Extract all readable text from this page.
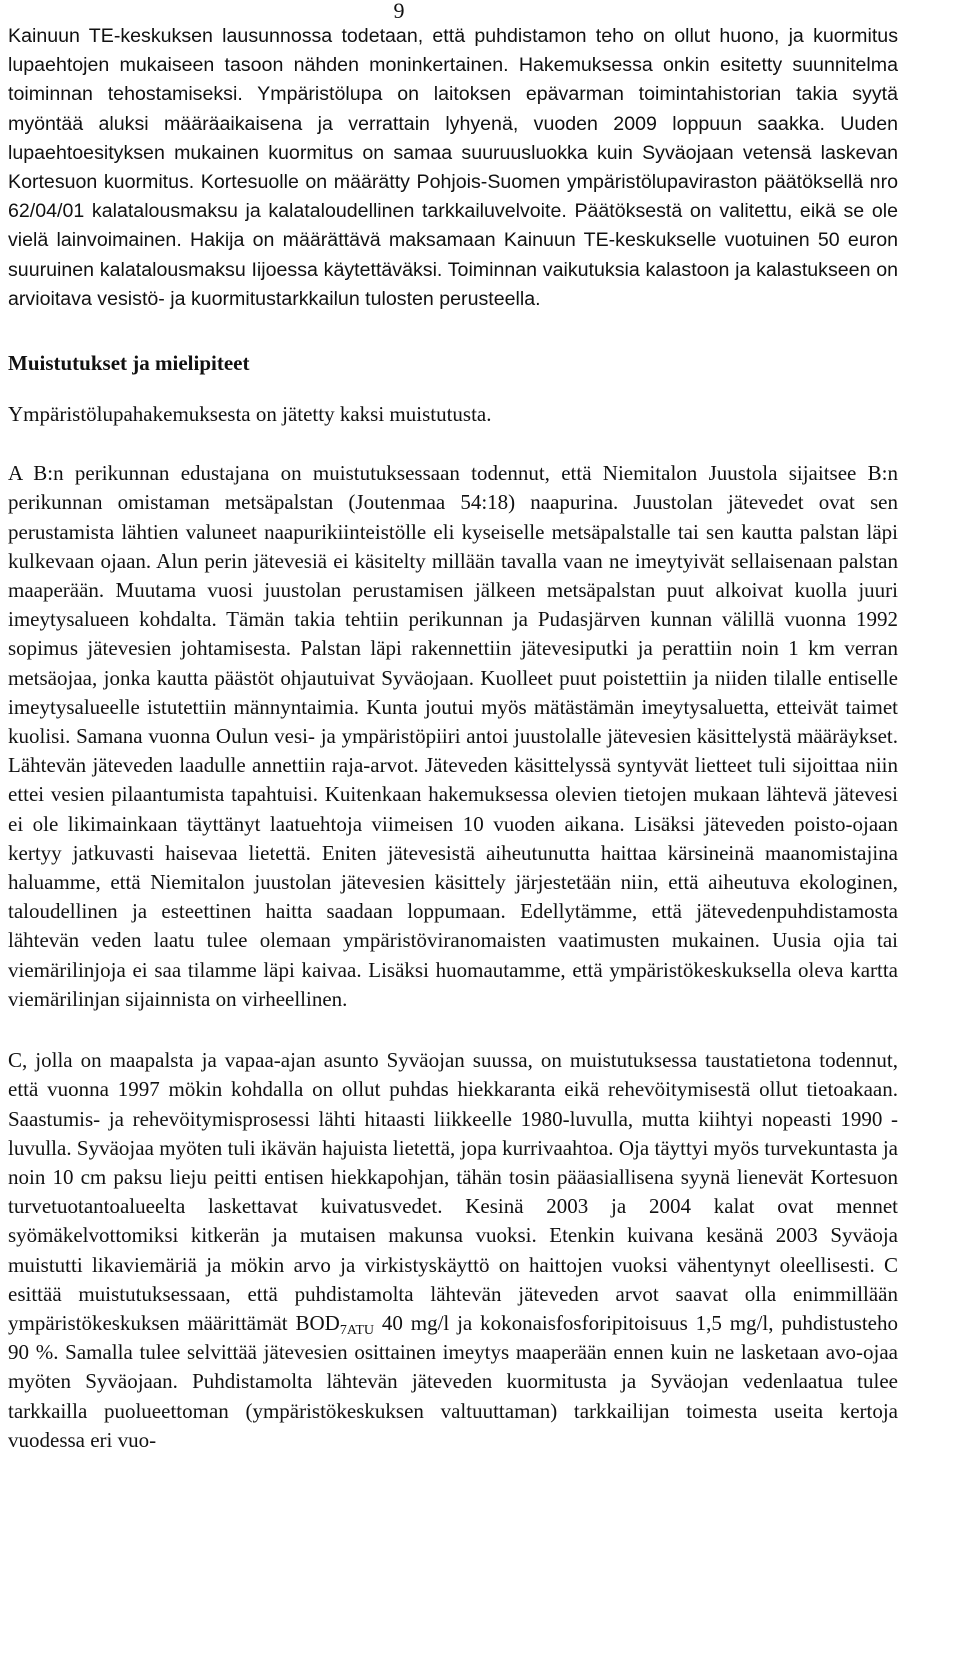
9

Kainuun TE-keskuksen lausunnossa todetaan, että puhdistamon teho on ollut huono, ja kuormitus lupaehtojen mukaiseen tasoon nähden moninkertainen. Hakemuksessa onkin esitetty suunnitelma toiminnan tehostamiseksi. Ympäristölupa on laitoksen epävarman toimintahistorian takia syytä myöntää aluksi määräaikaisena ja verrattain lyhyenä, vuoden 2009 loppuun saakka. Uuden lupaehtoesityksen mukainen kuormitus on samaa suuruusluokka kuin Syväojaan vetensä laskevan Kortesuon kuormitus. Kortesuolle on määrätty Pohjois-Suomen ympäristölupaviraston päätöksellä nro 62/04/01 kalatalousmaksu ja kalataloudellinen tarkkailuvelvoite. Päätöksestä on valitettu, eikä se ole vielä lainvoimainen. Hakija on määrättävä maksamaan Kainuun TE-keskukselle vuotuinen 50 euron suuruinen kalatalousmaksu Iijoessa käytettäväksi. Toiminnan vaikutuksia kalastoon ja kalastukseen on arvioitava vesistö- ja kuormitustarkkailun tulosten perusteella.

Muistutukset ja mielipiteet

Ympäristölupahakemuksesta on jätetty kaksi muistutusta.

A B:n perikunnan edustajana on muistutuksessaan todennut, että Niemitalon Juustola sijaitsee B:n perikunnan omistaman metsäpalstan (Joutenmaa 54:18) naapurina. Juustolan jätevedet ovat sen perustamista lähtien valuneet naapurikiinteistölle eli kyseiselle metsäpalstalle tai sen kautta palstan läpi kulkevaan ojaan. Alun perin jätevesiä ei käsitelty millään tavalla vaan ne imeytyivät sellaisenaan palstan maaperään. Muutama vuosi juustolan perustamisen jälkeen metsäpalstan puut alkoivat kuolla juuri imeytysalueen kohdalta. Tämän takia tehtiin perikunnan ja Pudasjärven kunnan välillä vuonna 1992 sopimus jätevesien johtamisesta. Palstan läpi rakennettiin jätevesiputki ja perattiin noin 1 km verran metsäojaa, jonka kautta päästöt ohjautuivat Syväojaan. Kuolleet puut poistettiin ja niiden tilalle entiselle imeytysalueelle istutettiin männyntaimia. Kunta joutui myös mätästämän imeytysaluetta, etteivät taimet kuolisi. Samana vuonna Oulun vesi- ja ympäristöpiiri antoi juustolalle jätevesien käsittelystä määräykset. Lähtevän jäteveden laadulle annettiin raja-arvot. Jäteveden käsittelyssä syntyvät lietteet tuli sijoittaa niin ettei vesien pilaantumista tapahtuisi. Kuitenkaan hakemuksessa olevien tietojen mukaan lähtevä jätevesi ei ole likimainkaan täyttänyt laatuehtoja viimeisen 10 vuoden aikana. Lisäksi jäteveden poisto-ojaan kertyy jatkuvasti haisevaa lietettä. Eniten jätevesistä aiheutunutta haittaa kärsineinä maanomistajina haluamme, että Niemitalon juustolan jätevesien käsittely järjestetään niin, että aiheutuva ekologinen, taloudellinen ja esteettinen haitta saadaan loppumaan. Edellytämme, että jätevedenpuhdistamosta lähtevän veden laatu tulee olemaan ympäristöviranomaisten vaatimusten mukainen. Uusia ojia tai viemärilinjoja ei saa tilamme läpi kaivaa. Lisäksi huomautamme, että ympäristökeskuksella oleva kartta viemärilinjan sijainnista on virheellinen.

C, jolla on maapalsta ja vapaa-ajan asunto Syväojan suussa, on muistutuksessa taustatietona todennut, että vuonna 1997 mökin kohdalla on ollut puhdas hiekkaranta eikä rehevöitymisestä ollut tietoakaan. Saastumis- ja rehevöitymisprosessi lähti hitaasti liikkeelle 1980-luvulla, mutta kiihtyi nopeasti 1990 -luvulla. Syväojaa myöten tuli ikävän hajuista lietettä, jopa kurrivaahtoa. Oja täyttyi myös turvekuntasta ja noin 10 cm paksu lieju peitti entisen hiekkapohjan, tähän tosin pääasiallisena syynä lienevät Kortesuon turvetuotantoalueelta laskettavat kuivatusvedet. Kesinä 2003 ja 2004 kalat ovat mennet syömäkelvottomiksi kitkerän ja mutaisen makunsa vuoksi. Etenkin kuivana kesänä 2003 Syväoja muistutti likaviemäriä ja mökin arvo ja virkistyskäyttö on haittojen vuoksi vähentynyt oleellisesti. C esittää muistutuksessaan, että puhdistamolta lähtevän jäteveden arvot saavat olla enimmillään ympäristökeskuksen määrittämät $BOD_{7ATU}$ 40 mg/l ja kokonaisfosforipitoisuus 1,5 mg/l, puhdistusteho 90 %. Samalla tulee selvittää jätevesien osittainen imeytys maaperään ennen kuin ne lasketaan avo-ojaa myöten Syväojaan. Puhdistamolta lähtevän jäteveden kuormitusta ja Syväojan vedenlaatua tulee tarkkailla puolueettoman (ympäristökeskuksen valtuuttaman) tarkkailijan toimesta useita kertoja vuodessa eri vuo-
